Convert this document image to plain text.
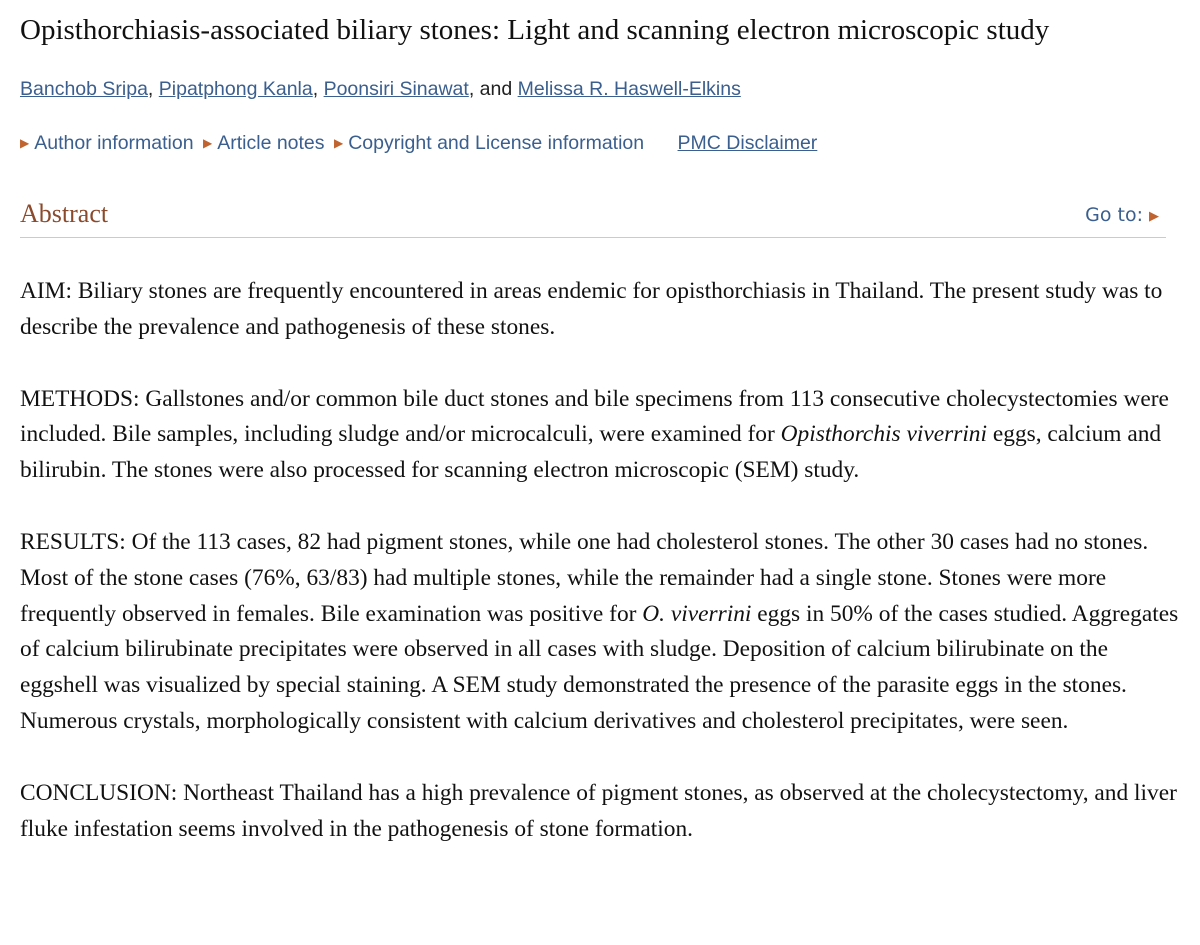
Opisthorchiasis-associated biliary stones: Light and scanning electron microscopic study
Banchob Sripa, Pipatphong Kanla, Poonsiri Sinawat, and Melissa R. Haswell-Elkins
▶ Author information ▶ Article notes ▶ Copyright and License information PMC Disclaimer
Abstract	Go to: ▶

AIM: Biliary stones are frequently encountered in areas endemic for opisthorchiasis in Thailand. The present study was to describe the prevalence and pathogenesis of these stones.

METHODS: Gallstones and/or common bile duct stones and bile specimens from 113 consecutive cholecystectomies were included. Bile samples, including sludge and/or microcalculi, were examined for Opisthorchis viverrini eggs, calcium and bilirubin. The stones were also processed for scanning electron microscopic (SEM) study.

RESULTS: Of the 113 cases, 82 had pigment stones, while one had cholesterol stones. The other 30 cases had no stones. Most of the stone cases (76%, 63/83) had multiple stones, while the remainder had a single stone. Stones were more frequently observed in females. Bile examination was positive for O. viverrini eggs in 50% of the cases studied. Aggregates of calcium bilirubinate precipitates were observed in all cases with sludge. Deposition of calcium bilirubinate on the eggshell was visualized by special staining. A SEM study demonstrated the presence of the parasite eggs in the stones. Numerous crystals, morphologically consistent with calcium derivatives and cholesterol precipitates, were seen.

CONCLUSION: Northeast Thailand has a high prevalence of pigment stones, as observed at the cholecystectomy, and liver fluke infestation seems involved in the pathogenesis of stone formation.
